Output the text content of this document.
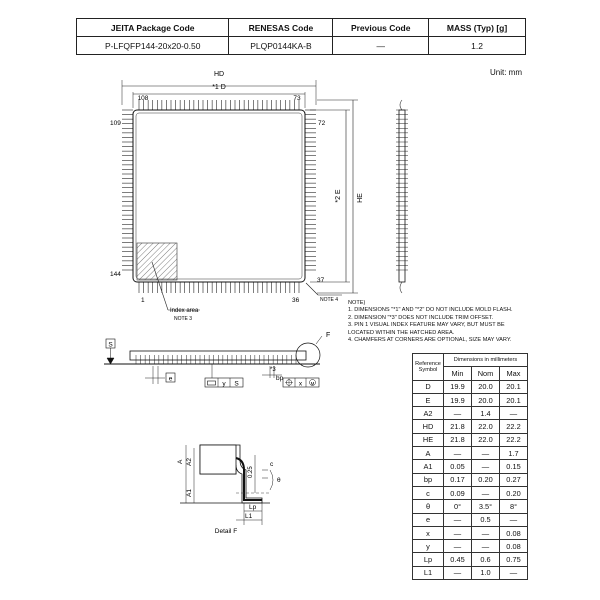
JEITA Package Code	RENESAS Code	Previous Code	MASS (Typ) [g]
P-LFQFP144-20x20-0.50	PLQP0144KA-B	—	1.2
Unit: mm
HD
*1 D
108	73
109	72
144
37
1	36
Index area
NOTE 3
NOTE 4
*2 E HE
S
F
e
y S
*3
bp
x M
A A2
A1
0.25
c
θ
Lp
L1
Detail F
NOTE)
1. DIMENSIONS "*1" AND "*2" DO NOT INCLUDE MOLD FLASH.
2. DIMENSION "*3" DOES NOT INCLUDE TRIM OFFSET.
3. PIN 1 VISUAL INDEX FEATURE MAY VARY, BUT MUST BE
LOCATED WITHIN THE HATCHED AREA.
4. CHAMFERS AT CORNERS ARE OPTIONAL, SIZE MAY VARY.
Reference Symbol	Dimensions in millimeters		
	Min	Nom	Max
D	19.9	20.0	20.1
E	19.9	20.0	20.1
A2	—	1.4	—
HD	21.8	22.0	22.2
HE	21.8	22.0	22.2
A	—	—	1.7
A1	0.05	—	0.15
bp	0.17	0.20	0.27
c	0.09	—	0.20
θ	0°	3.5°	8°
e	—	0.5	—
x	—	—	0.08
y	—	—	0.08
Lp	0.45	0.6	0.75
L1	—	1.0	—
